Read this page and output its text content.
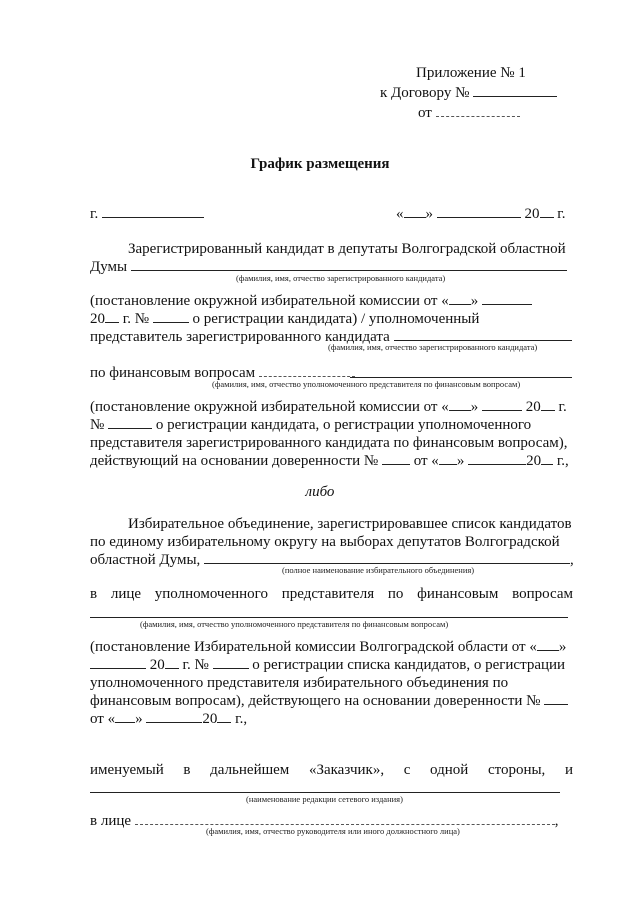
Приложение № 1
к Договору №
от
График размещения
г.	« »	20 г.
Зарегистрированный кандидат в депутаты Волгоградской областной
Думы
(фамилия, имя, отчество зарегистрированного кандидата)
(постановление окружной избирательной комиссии от « »
20 г. №	о регистрации кандидата) / уполномоченный
представитель зарегистрированного кандидата
(фамилия, имя, отчество зарегистрированного кандидата)
по финансовым вопросам
(фамилия, имя, отчество уполномоченного представителя по финансовым вопросам)
(постановление окружной избирательной комиссии от « »	20 г.
№	о регистрации кандидата, о регистрации уполномоченного
представителя зарегистрированного кандидата по финансовым вопросам),
действующий на основании доверенности № от « »	20 г.,
либо
Избирательное объединение, зарегистрировавшее список кандидатов
по единому избирательному округу на выборах депутатов Волгоградской
областной Думы,	,
(полное наименование избирательного объединения)
в лице уполномоченного представителя по финансовым вопросам
(фамилия, имя, отчество уполномоченного представителя по финансовым вопросам)
(постановление Избирательной комиссии Волгоградской области от « »
20 г. №	о регистрации списка кандидатов, о регистрации
уполномоченного представителя избирательного объединения по
финансовым вопросам), действующего на основании доверенности №
от « »	20 г.,
именуемый в дальнейшем «Заказчик», с одной стороны, и
(наименование редакции сетевого издания)
в лице	,
(фамилия, имя, отчество руководителя или иного должностного лица)
